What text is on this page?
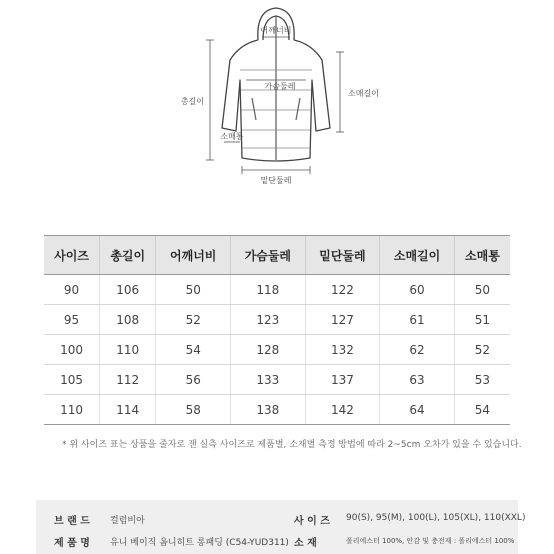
어깨너비
가슴둘레
총길이
소매길이
소매통
밑단둘레
사이즈	총길이	어깨너비	가슴둘레	밑단둘레	소매길이	소매통
90	106	50	118	122	60	50
95	108	52	123	127	61	51
100	110	54	128	132	62	52
105	112	56	133	137	63	53
110	114	58	138	142	64	54
* 위 사이즈 표는 상품을 줄자로 잰 실측 사이즈로 제품별, 소재별 측정 방법에 따라 2~5cm 오차가 있을 수 있습니다.
브 랜 드 컬럼비아
제 품 명 유니 베이직 옴니히트 롱패딩 (C54-YUD311)
사 이 즈 90(S), 95(M), 100(L), 105(XL), 110(XXL)
소 재	폴리에스터 100%, 안감 및 충전재 : 폴리에스터 100%
